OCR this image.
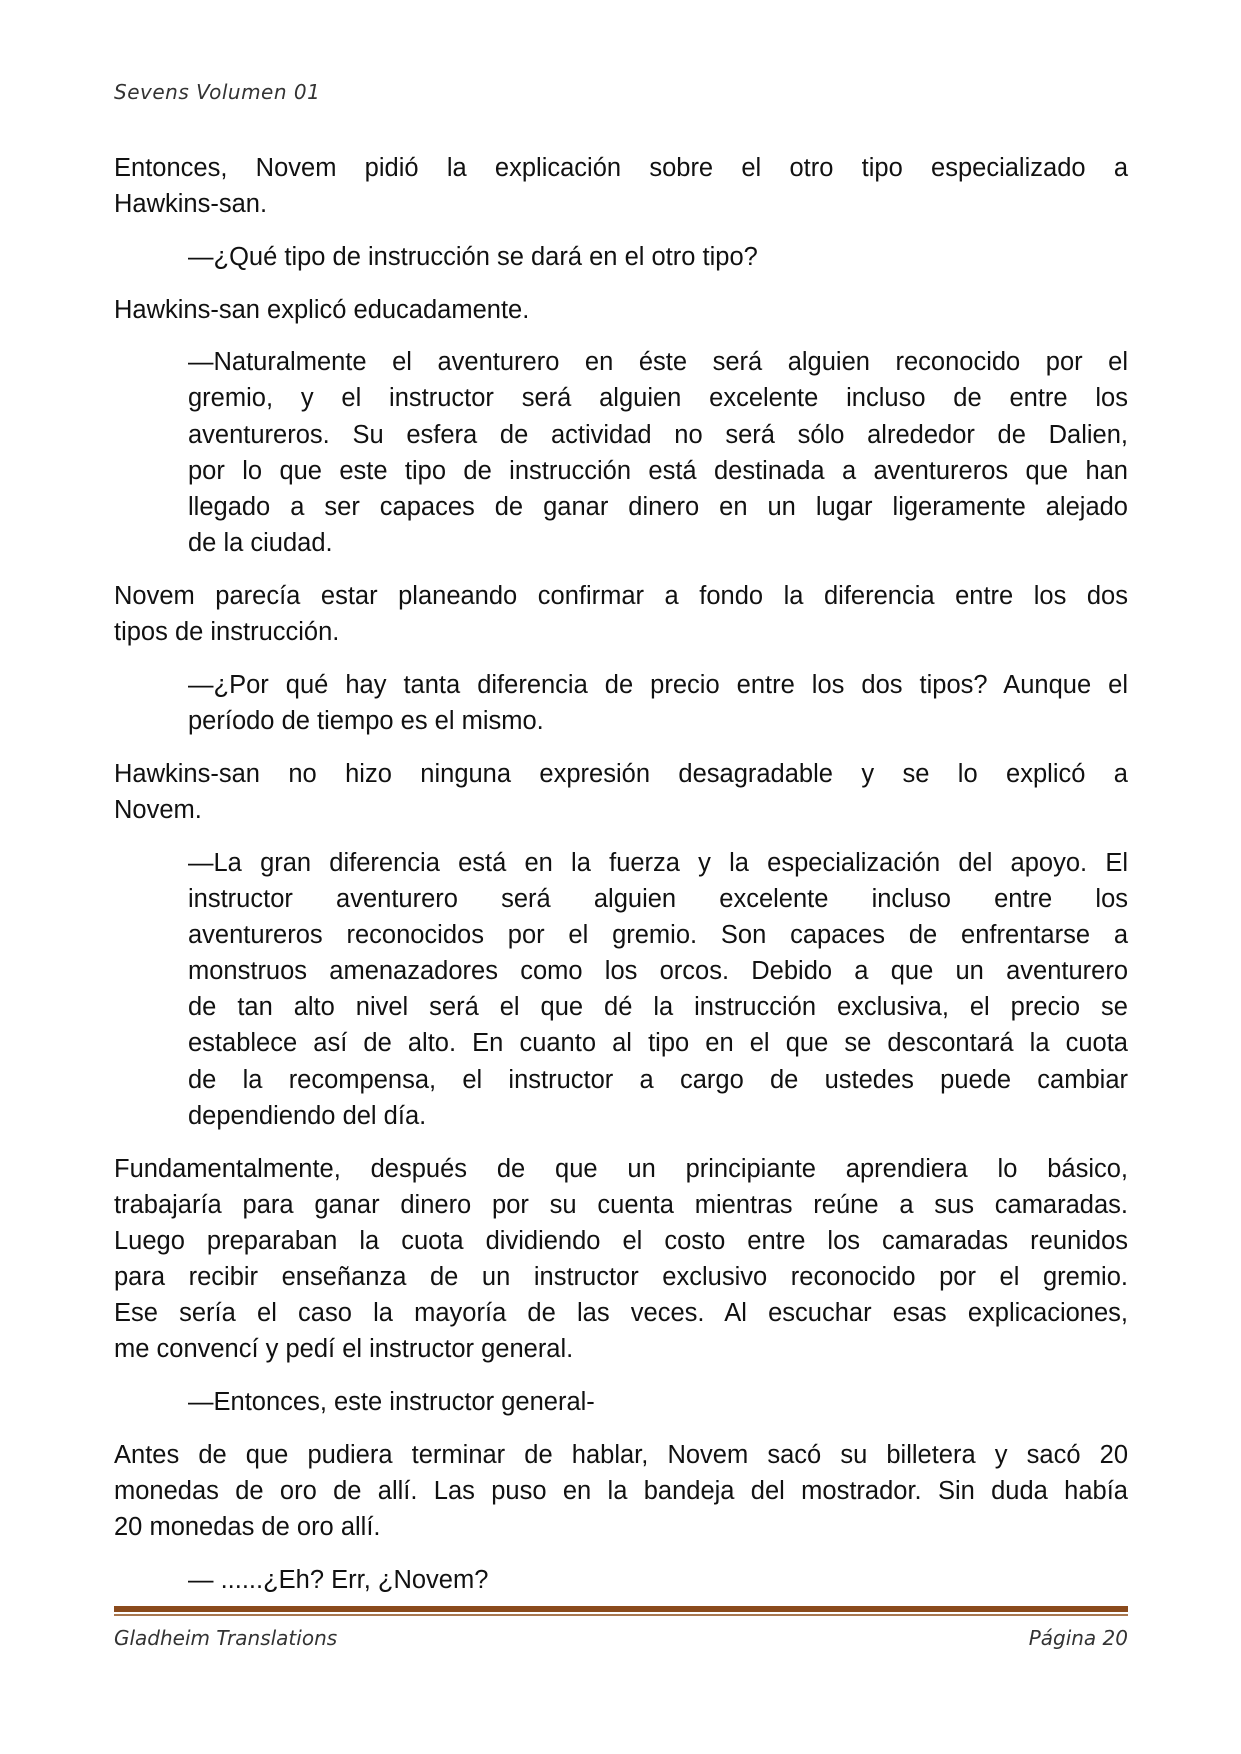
Sevens Volumen 01
Entonces, Novem pidió la explicación sobre el otro tipo especializado a
Hawkins-san.
—¿Qué tipo de instrucción se dará en el otro tipo?
Hawkins-san explicó educadamente.
—Naturalmente el aventurero en éste será alguien reconocido por el
gremio, y el instructor será alguien excelente incluso de entre los
aventureros. Su esfera de actividad no será sólo alrededor de Dalien,
por lo que este tipo de instrucción está destinada a aventureros que han
llegado a ser capaces de ganar dinero en un lugar ligeramente alejado
de la ciudad.
Novem parecía estar planeando confirmar a fondo la diferencia entre los dos
tipos de instrucción.
—¿Por qué hay tanta diferencia de precio entre los dos tipos? Aunque el
período de tiempo es el mismo.
Hawkins-san no hizo ninguna expresión desagradable y se lo explicó a
Novem.
—La gran diferencia está en la fuerza y la especialización del apoyo. El
instructor aventurero será alguien excelente incluso entre los
aventureros reconocidos por el gremio. Son capaces de enfrentarse a
monstruos amenazadores como los orcos. Debido a que un aventurero
de tan alto nivel será el que dé la instrucción exclusiva, el precio se
establece así de alto. En cuanto al tipo en el que se descontará la cuota
de la recompensa, el instructor a cargo de ustedes puede cambiar
dependiendo del día.
Fundamentalmente, después de que un principiante aprendiera lo básico,
trabajaría para ganar dinero por su cuenta mientras reúne a sus camaradas.
Luego preparaban la cuota dividiendo el costo entre los camaradas reunidos
para recibir enseñanza de un instructor exclusivo reconocido por el gremio.
Ese sería el caso la mayoría de las veces. Al escuchar esas explicaciones,
me convencí y pedí el instructor general.
—Entonces, este instructor general-
Antes de que pudiera terminar de hablar, Novem sacó su billetera y sacó 20
monedas de oro de allí. Las puso en la bandeja del mostrador. Sin duda había
20 monedas de oro allí.
— ......¿Eh? Err, ¿Novem?
Gladheim Translations	Página 20
